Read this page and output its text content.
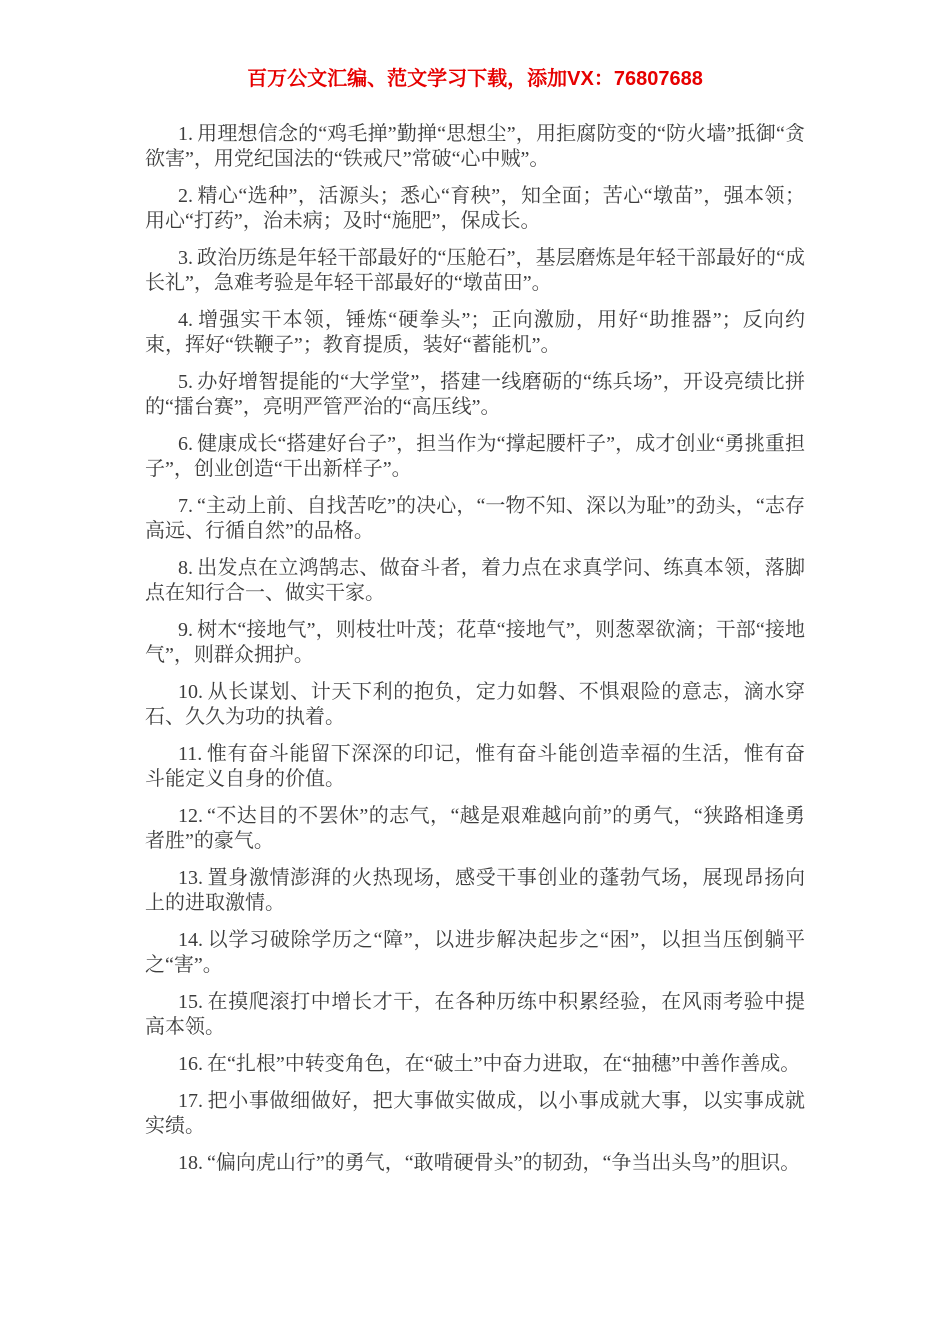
百万公文汇编、范文学习下载，添加VX：76807688

1. 用理想信念的“鸡毛掸”勤掸“思想尘”，用拒腐防变的“防火墙”抵御“贪欲害”，用党纪国法的“铁戒尺”常破“心中贼”。

2. 精心“选种”，活源头；悉心“育秧”，知全面；苦心“墩苗”，强本领；用心“打药”，治未病；及时“施肥”，保成长。

3. 政治历练是年轻干部最好的“压舱石”，基层磨炼是年轻干部最好的“成长礼”，急难考验是年轻干部最好的“墩苗田”。

4. 增强实干本领，锤炼“硬拳头”；正向激励，用好“助推器”；反向约束，挥好“铁鞭子”；教育提质，装好“蓄能机”。

5. 办好增智提能的“大学堂”，搭建一线磨砺的“练兵场”，开设亮绩比拼的“擂台赛”，亮明严管严治的“高压线”。

6. 健康成长“搭建好台子”，担当作为“撑起腰杆子”，成才创业“勇挑重担子”，创业创造“干出新样子”。

7. “主动上前、自找苦吃”的决心，“一物不知、深以为耻”的劲头，“志存高远、行循自然”的品格。

8. 出发点在立鸿鹄志、做奋斗者，着力点在求真学问、练真本领，落脚点在知行合一、做实干家。

9. 树木“接地气”，则枝壮叶茂；花草“接地气”，则葱翠欲滴；干部“接地气”，则群众拥护。

10. 从长谋划、计天下利的抱负，定力如磐、不惧艰险的意志，滴水穿石、久久为功的执着。

11. 惟有奋斗能留下深深的印记，惟有奋斗能创造幸福的生活，惟有奋斗能定义自身的价值。

12. “不达目的不罢休”的志气，“越是艰难越向前”的勇气，“狭路相逢勇者胜”的豪气。

13. 置身激情澎湃的火热现场，感受干事创业的蓬勃气场，展现昂扬向上的进取激情。

14. 以学习破除学历之“障”，以进步解决起步之“困”，以担当压倒躺平之“害”。

15. 在摸爬滚打中增长才干，在各种历练中积累经验，在风雨考验中提高本领。

16. 在“扎根”中转变角色，在“破土”中奋力进取，在“抽穗”中善作善成。

17. 把小事做细做好，把大事做实做成，以小事成就大事，以实事成就实绩。

18. “偏向虎山行”的勇气，“敢啃硬骨头”的韧劲，“争当出头鸟”的胆识。
